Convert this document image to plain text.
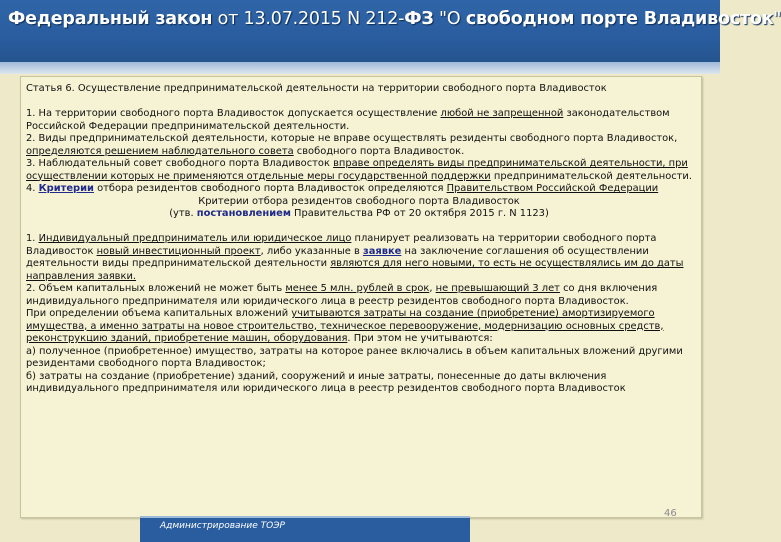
Федеральный закон от 13.07.2015 N 212-ФЗ "О свободном порте Владивосток"

Статья 6. Осуществление предпринимательской деятельности на территории свободного порта Владивосток

1. На территории свободного порта Владивосток допускается осуществление любой не запрещенной законодательством Российской Федерации предпринимательской деятельности.

2. Виды предпринимательской деятельности, которые не вправе осуществлять резиденты свободного порта Владивосток, определяются решением наблюдательного совета свободного порта Владивосток.

3. Наблюдательный совет свободного порта Владивосток вправе определять виды предпринимательской деятельности, при осуществлении которых не применяются отдельные меры государственной поддержки предпринимательской деятельности.

4. Критерии отбора резидентов свободного порта Владивосток определяются Правительством Российской Федерации

Критерии отбора резидентов свободного порта Владивосток

(утв. постановлением Правительства РФ от 20 октября 2015 г. N 1123)

1. Индивидуальный предприниматель или юридическое лицо планирует реализовать на территории свободного порта Владивосток новый инвестиционный проект, либо указанные в заявке на заключение соглашения об осуществлении деятельности виды предпринимательской деятельности являются для него новыми, то есть не осуществлялись им до даты направления заявки.

2. Объем капитальных вложений не может быть менее 5 млн. рублей в срок, не превышающий 3 лет со дня включения индивидуального предпринимателя или юридического лица в реестр резидентов свободного порта Владивосток.

При определении объема капитальных вложений учитываются затраты на создание (приобретение) амортизируемого имущества, а именно затраты на новое строительство, техническое перевооружение, модернизацию основных средств, реконструкцию зданий, приобретение машин, оборудования. При этом не учитываются:

а) полученное (приобретенное) имущество, затраты на которое ранее включались в объем капитальных вложений другими резидентами свободного порта Владивосток;

б) затраты на создание (приобретение) зданий, сооружений и иные затраты, понесенные до даты включения индивидуального предпринимателя или юридического лица в реестр резидентов свободного порта Владивосток

46
Администрирование ТОЭР
